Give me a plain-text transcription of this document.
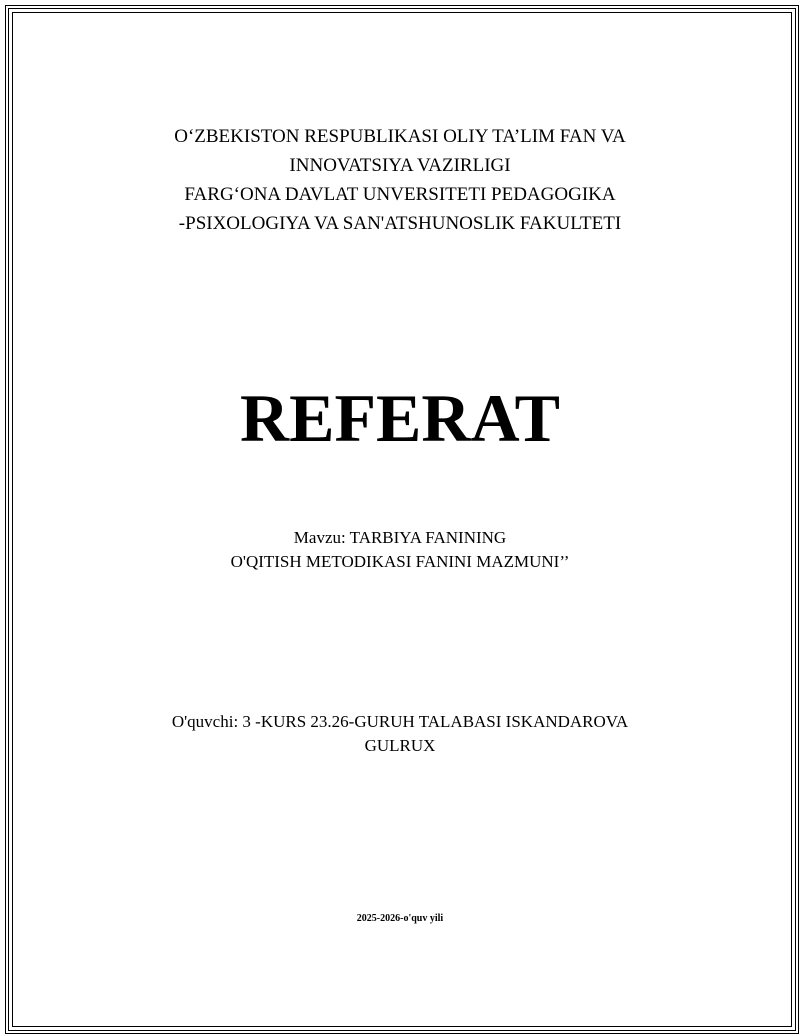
O‘ZBEKISTON RESPUBLIKASI OLIY TA’LIM FAN VA
INNOVATSIYA VAZIRLIGI
FARG‘ONA DAVLAT UNVERSITETI PEDAGOGIKA
-PSIXOLOGIYA VA SAN'ATSHUNOSLIK FAKULTETI
REFERAT
Mavzu: TARBIYA FANINING
O'QITISH METODIKASI FANINI MAZMUNI’’
O'quvchi: 3 -KURS 23.26-GURUH TALABASI ISKANDAROVA
GULRUX
2025-2026-o'quv yili
